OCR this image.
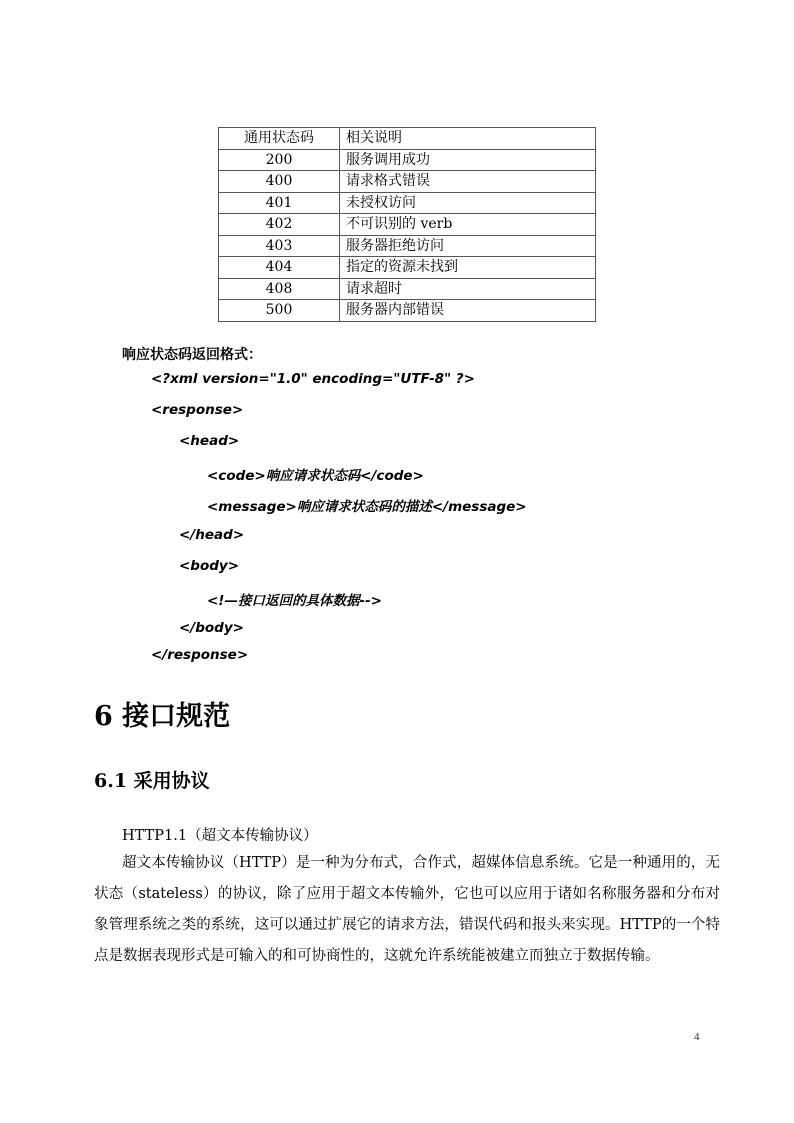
通用状态码	相关说明
200	服务调用成功
400	请求格式错误
401	未授权访问
402	不可识别的 verb
403	服务器拒绝访问
404	指定的资源未找到
408	请求超时
500	服务器内部错误
响应状态码返回格式：
<?xml version="1.0" encoding="UTF-8" ?>
<response>
<head>
<code>响应请求状态码</code>
<message>响应请求状态码的描述</message>
</head>
<body>
<!—接口返回的具体数据-->
</body>
</response>
6 接口规范
6.1 采用协议
HTTP1.1（超文本传输协议）

超文本传输协议（HTTP）是一种为分布式，合作式，超媒体信息系统。它是一种通用的，无状态（stateless）的协议，除了应用于超文本传输外，它也可以应用于诸如名称服务器和分布对象管理系统之类的系统，这可以通过扩展它的请求方法，错误代码和报头来实现。HTTP的一个特点是数据表现形式是可输入的和可协商性的，这就允许系统能被建立而独立于数据传输。

4
